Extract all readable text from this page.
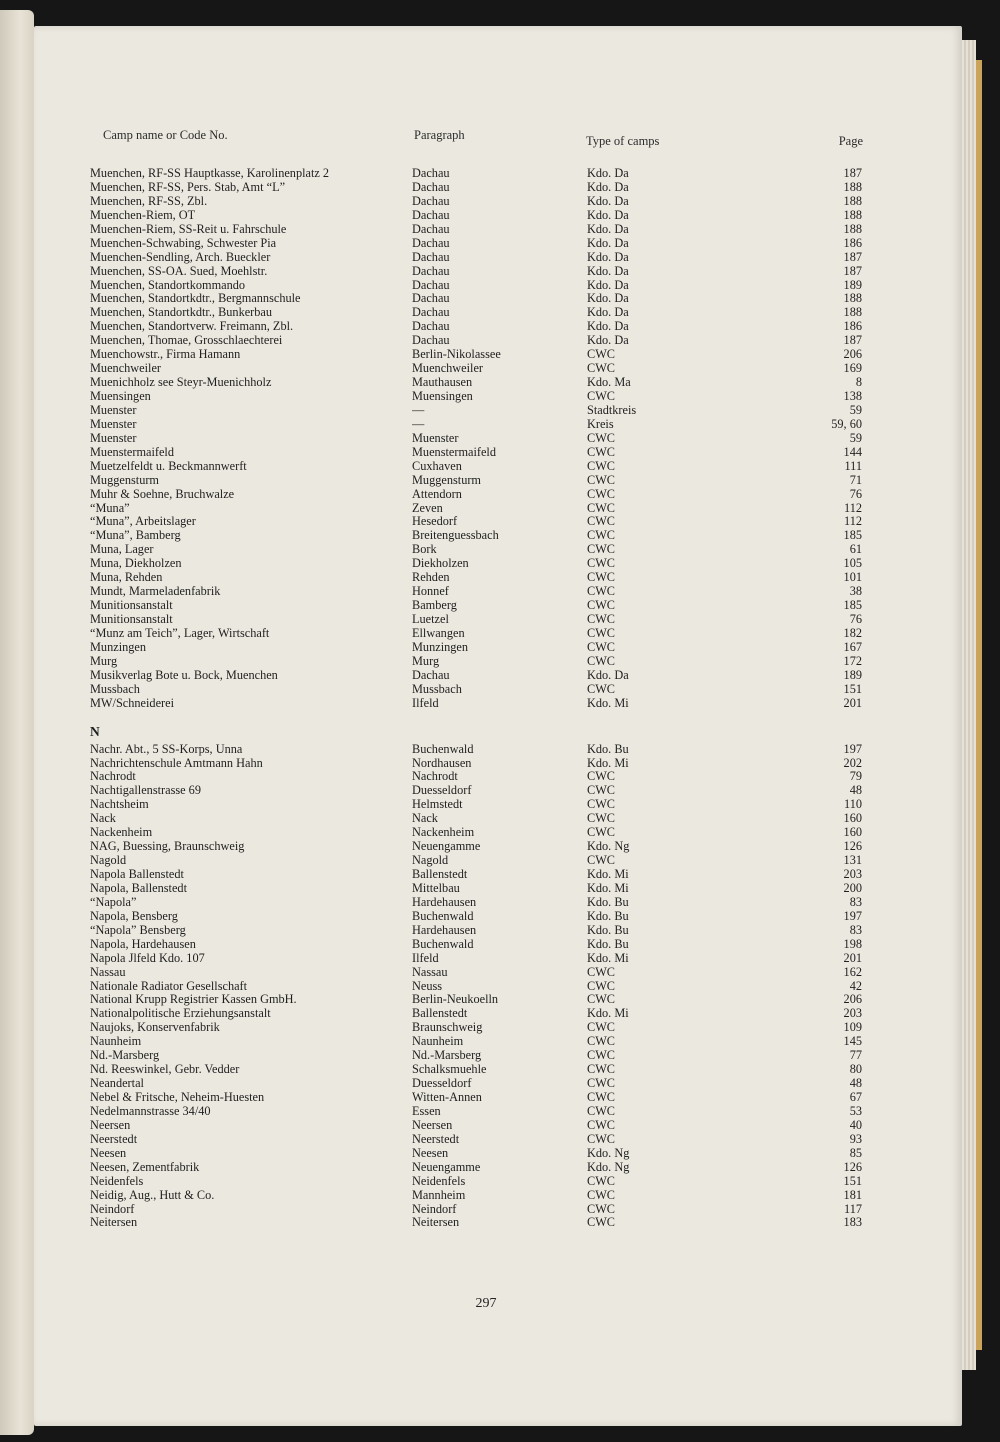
Camp name or Code No.	Paragraph	Type of camps	Page
Muenchen, RF-SS Hauptkasse, Karolinenplatz 2	Dachau	Kdo. Da	187
Muenchen, RF-SS, Pers. Stab, Amt “L”	Dachau	Kdo. Da	188
Muenchen, RF-SS, Zbl.	Dachau	Kdo. Da	188
Muenchen-Riem, OT	Dachau	Kdo. Da	188
Muenchen-Riem, SS-Reit u. Fahrschule	Dachau	Kdo. Da	188
Muenchen-Schwabing, Schwester Pia	Dachau	Kdo. Da	186
Muenchen-Sendling, Arch. Bueckler	Dachau	Kdo. Da	187
Muenchen, SS-OA. Sued, Moehlstr.	Dachau	Kdo. Da	187
Muenchen, Standortkommando	Dachau	Kdo. Da	189
Muenchen, Standortkdtr., Bergmannschule	Dachau	Kdo. Da	188
Muenchen, Standortkdtr., Bunkerbau	Dachau	Kdo. Da	188
Muenchen, Standortverw. Freimann, Zbl.	Dachau	Kdo. Da	186
Muenchen, Thomae, Grosschlaechterei	Dachau	Kdo. Da	187
Muenchowstr., Firma Hamann	Berlin-Nikolassee	CWC	206
Muenchweiler	Muenchweiler	CWC	169
Muenichholz see Steyr-Muenichholz	Mauthausen	Kdo. Ma	8
Muensingen	Muensingen	CWC	138
Muenster	—	Stadtkreis	59
Muenster	—	Kreis	59, 60
Muenster	Muenster	CWC	59
Muenstermaifeld	Muenstermaifeld	CWC	144
Muetzelfeldt u. Beckmannwerft	Cuxhaven	CWC	111
Muggensturm	Muggensturm	CWC	71
Muhr & Soehne, Bruchwalze	Attendorn	CWC	76
“Muna”	Zeven	CWC	112
“Muna”, Arbeitslager	Hesedorf	CWC	112
“Muna”, Bamberg	Breitenguessbach	CWC	185
Muna, Lager	Bork	CWC	61
Muna, Diekholzen	Diekholzen	CWC	105
Muna, Rehden	Rehden	CWC	101
Mundt, Marmeladenfabrik	Honnef	CWC	38
Munitionsanstalt	Bamberg	CWC	185
Munitionsanstalt	Luetzel	CWC	76
“Munz am Teich”, Lager, Wirtschaft	Ellwangen	CWC	182
Munzingen	Munzingen	CWC	167
Murg	Murg	CWC	172
Musikverlag Bote u. Bock, Muenchen	Dachau	Kdo. Da	189
Mussbach	Mussbach	CWC	151
MW/Schneiderei	Ilfeld	Kdo. Mi	201
N
Nachr. Abt., 5 SS-Korps, Unna	Buchenwald	Kdo. Bu	197
Nachrichtenschule Amtmann Hahn	Nordhausen	Kdo. Mi	202
Nachrodt	Nachrodt	CWC	79
Nachtigallenstrasse 69	Duesseldorf	CWC	48
Nachtsheim	Helmstedt	CWC	110
Nack	Nack	CWC	160
Nackenheim	Nackenheim	CWC	160
NAG, Buessing, Braunschweig	Neuengamme	Kdo. Ng	126
Nagold	Nagold	CWC	131
Napola Ballenstedt	Ballenstedt	Kdo. Mi	203
Napola, Ballenstedt	Mittelbau	Kdo. Mi	200
“Napola”	Hardehausen	Kdo. Bu	83
Napola, Bensberg	Buchenwald	Kdo. Bu	197
“Napola” Bensberg	Hardehausen	Kdo. Bu	83
Napola, Hardehausen	Buchenwald	Kdo. Bu	198
Napola Jlfeld Kdo. 107	Ilfeld	Kdo. Mi	201
Nassau	Nassau	CWC	162
Nationale Radiator Gesellschaft	Neuss	CWC	42
National Krupp Registrier Kassen GmbH.	Berlin-Neukoelln	CWC	206
Nationalpolitische Erziehungsanstalt	Ballenstedt	Kdo. Mi	203
Naujoks, Konservenfabrik	Braunschweig	CWC	109
Naunheim	Naunheim	CWC	145
Nd.-Marsberg	Nd.-Marsberg	CWC	77
Nd. Reeswinkel, Gebr. Vedder	Schalksmuehle	CWC	80
Neandertal	Duesseldorf	CWC	48
Nebel & Fritsche, Neheim-Huesten	Witten-Annen	CWC	67
Nedelmannstrasse 34/40	Essen	CWC	53
Neersen	Neersen	CWC	40
Neerstedt	Neerstedt	CWC	93
Neesen	Neesen	Kdo. Ng	85
Neesen, Zementfabrik	Neuengamme	Kdo. Ng	126
Neidenfels	Neidenfels	CWC	151
Neidig, Aug., Hutt & Co.	Mannheim	CWC	181
Neindorf	Neindorf	CWC	117
Neitersen	Neitersen	CWC	183
297
